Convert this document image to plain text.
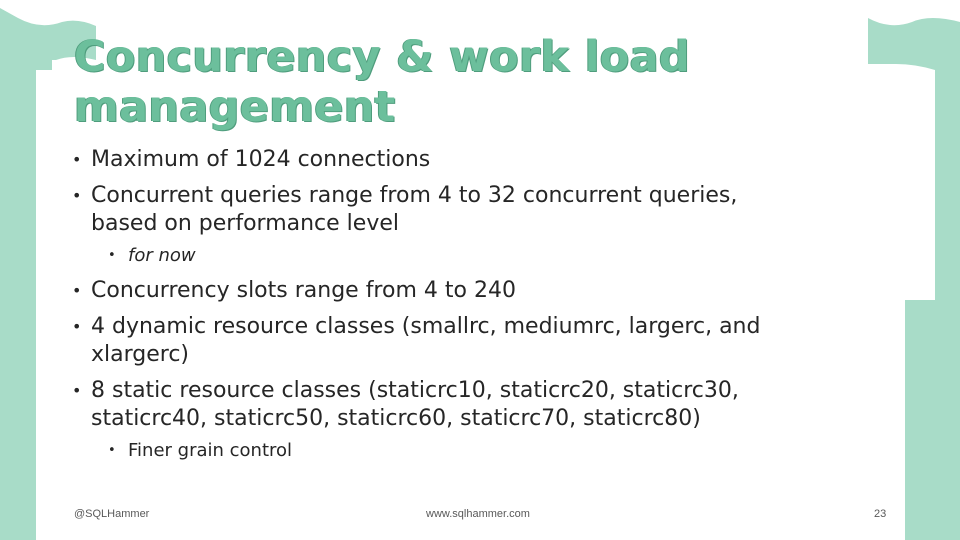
Concurrency & work load
management
• Maximum of 1024 connections
• Concurrent queries range from 4 to 32 concurrent queries,
based on performance level
• for now
• Concurrency slots range from 4 to 240
• 4 dynamic resource classes (smallrc, mediumrc, largerc, and
xlargerc)
• 8 static resource classes (staticrc10, staticrc20, staticrc30,
staticrc40, staticrc50, staticrc60, staticrc70, staticrc80)
• Finer grain control
@SQLHammer	www.sqlhammer.com	23
